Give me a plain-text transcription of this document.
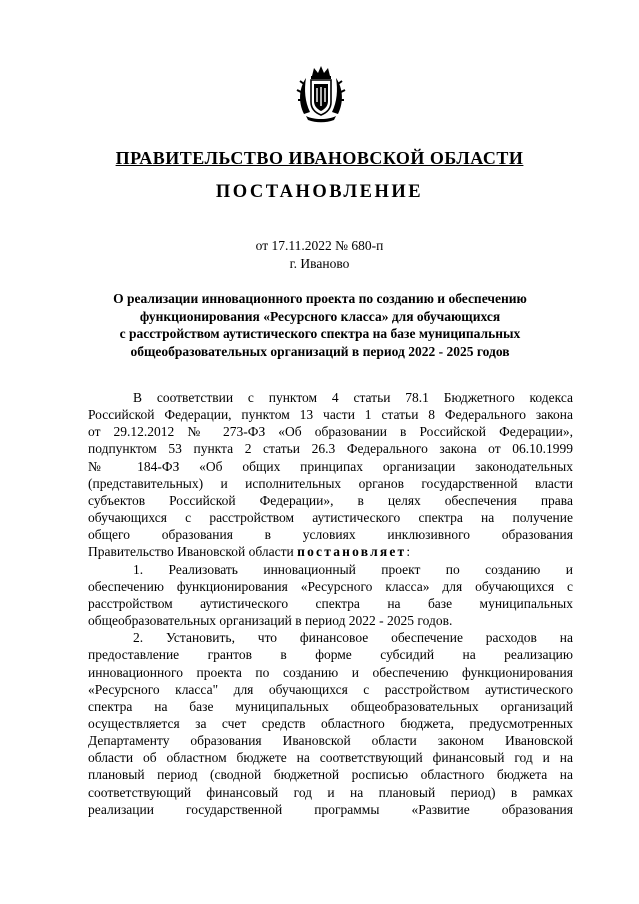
ПРАВИТЕЛЬСТВО ИВАНОВСКОЙ ОБЛАСТИ
ПОСТАНОВЛЕНИЕ
от 17.11.2022 № 680-п
г. Иваново
О реализации инновационного проекта по созданию и обеспечению
функционирования «Ресурсного класса» для обучающихся
с расстройством аутистического спектра на базе муниципальных
общеобразовательных организаций в период 2022 - 2025 годов
В соответствии с пунктом 4 статьи 78.1 Бюджетного кодекса
Российской Федерации, пунктом 13 части 1 статьи 8 Федерального закона
от 29.12.2012 № 273-ФЗ «Об образовании в Российской Федерации»,
подпунктом 53 пункта 2 статьи 26.3 Федерального закона от 06.10.1999
№ 184-ФЗ «Об общих принципах организации законодательных
(представительных) и исполнительных органов государственной власти
субъектов Российской Федерации», в целях обеспечения права
обучающихся с расстройством аутистического спектра на получение
общего образования в условиях инклюзивного образования
Правительство Ивановской области постановляет:
1. Реализовать инновационный проект по созданию и
обеспечению функционирования «Ресурсного класса» для обучающихся с
расстройством аутистического спектра на базе муниципальных
общеобразовательных организаций в период 2022 - 2025 годов.
2. Установить, что финансовое обеспечение расходов на
предоставление грантов в форме субсидий на реализацию
инновационного проекта по созданию и обеспечению функционирования
«Ресурсного класса" для обучающихся с расстройством аутистического
спектра на базе муниципальных общеобразовательных организаций
осуществляется за счет средств областного бюджета, предусмотренных
Департаменту образования Ивановской области законом Ивановской
области об областном бюджете на соответствующий финансовый год и на
плановый период (сводной бюджетной росписью областного бюджета на
соответствующий финансовый год и на плановый период) в рамках
реализации государственной программы «Развитие образования
